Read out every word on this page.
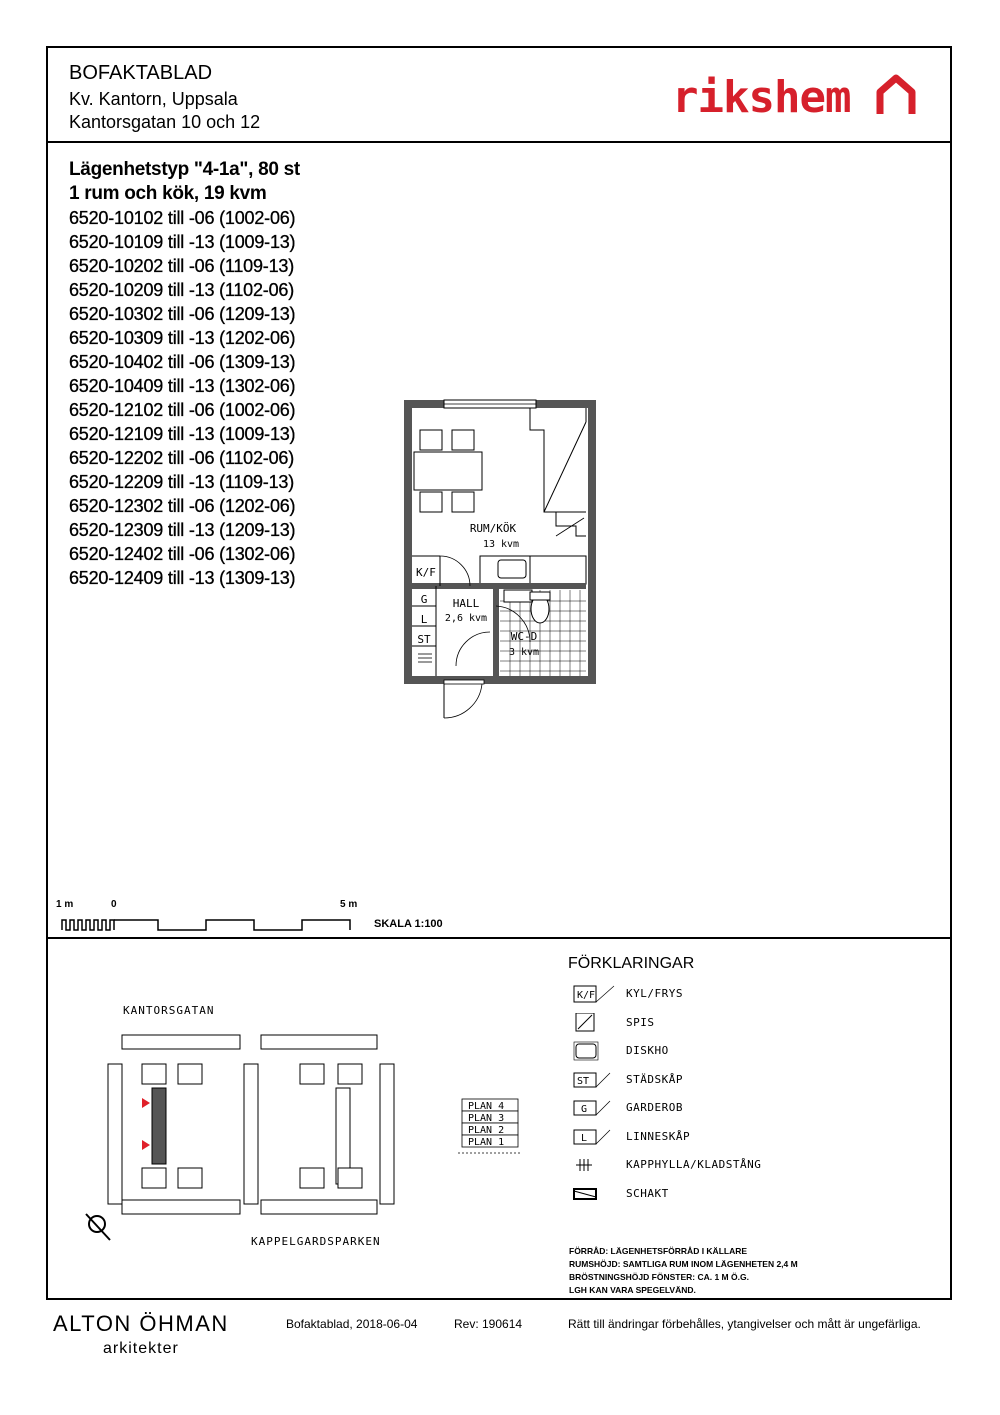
BOFAKTABLAD
Kv. Kantorn, Uppsala
Kantorsgatan 10 och 12	rikshem
Lägenhetstyp "4-1a", 80 st
1 rum och kök, 19 kvm
6520-10102 till -06 (1002-06)
6520-10109 till -13 (1009-13)
6520-10202 till -06 (1109-13)
6520-10209 till -13 (1102-06)
6520-10302 till -06 (1209-13)
6520-10309 till -13 (1202-06)
6520-10402 till -06 (1309-13)
6520-10409 till -13 (1302-06)
6520-12102 till -06 (1002-06)
6520-12109 till -13 (1009-13)
6520-12202 till -06 (1102-06)
6520-12209 till -13 (1109-13)
6520-12302 till -06 (1202-06)
6520-12309 till -13 (1209-13)
6520-12402 till -06 (1302-06)
6520-12409 till -13 (1309-13)
RUM/KÖK
13 kvm
K/F
HALL
2,6 kvm
WC-D
3 kvm
G
L
ST
1 m	0	5 m
SKALA 1:100
KANTORSGATAN
KAPPELGARDSPARKEN
PLAN 4
PLAN 3
PLAN 2
PLAN 1
FÖRKLARINGAR
K/F	KYL/FRYS
SPIS
DISKHO
ST	STÄDSKÅP
G	GARDEROB
L	LINNESKÅP
KAPPHYLLA/KLADSTÅNG
SCHAKT
FÖRRÅD: LÄGENHETSFÖRRÅD I KÄLLARE
RUMSHÖJD: SAMTLIGA RUM INOM LÄGENHETEN 2,4 M
BRÖSTNINGSHÖJD FÖNSTER: CA. 1 M Ö.G.
LGH KAN VARA SPEGELVÄND.
ALTON ÖHMAN
arkitekter
Bofaktablad, 2018-06-04	Rev: 190614	Rätt till ändringar förbehålles, ytangivelser och mått är ungefärliga.
